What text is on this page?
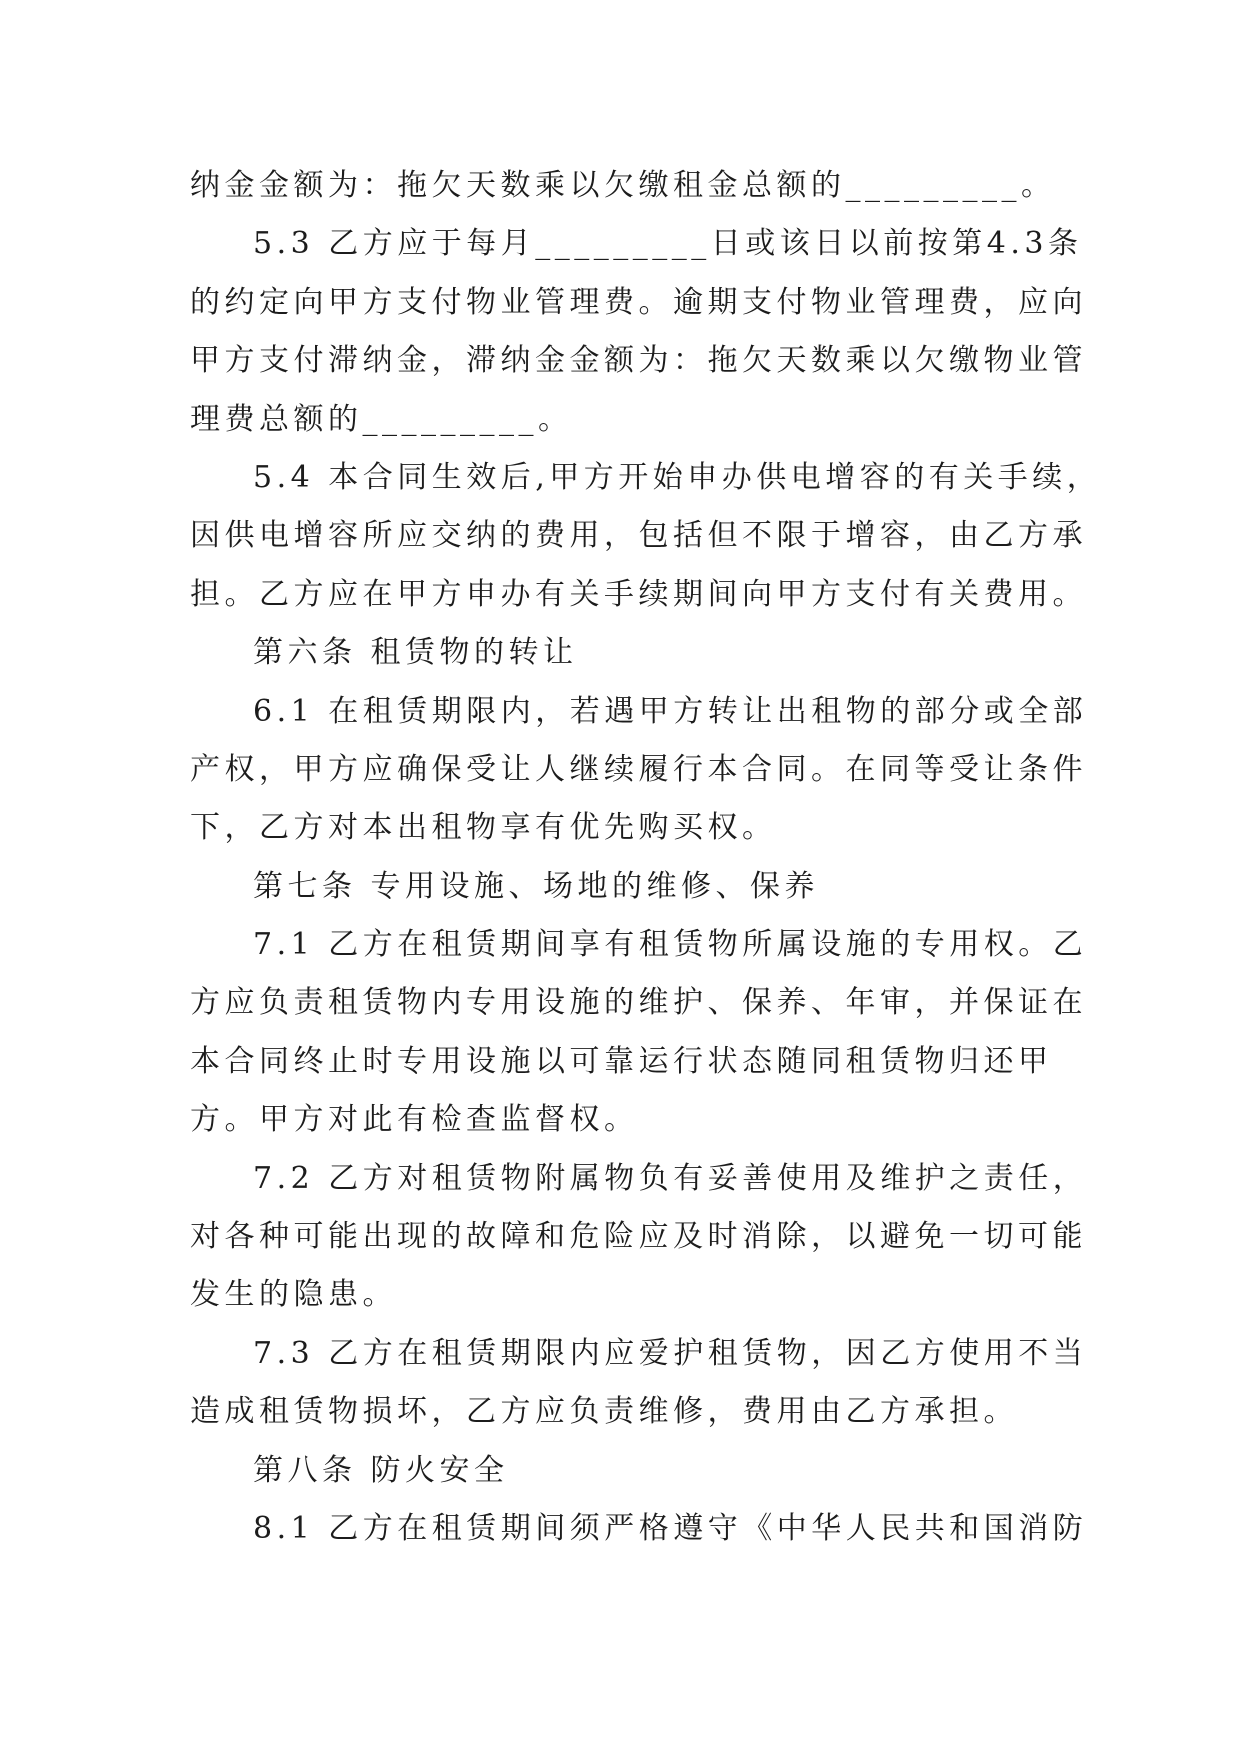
纳金金额为：拖欠天数乘以欠缴租金总额的_________。
5.3 乙方应于每月_________日或该日以前按第4.3条
的约定向甲方支付物业管理费。逾期支付物业管理费，应向
甲方支付滞纳金，滞纳金金额为：拖欠天数乘以欠缴物业管
理费总额的_________。
5.4 本合同生效后,甲方开始申办供电增容的有关手续，
因供电增容所应交纳的费用，包括但不限于增容，由乙方承
担。乙方应在甲方申办有关手续期间向甲方支付有关费用。
第六条 租赁物的转让
6.1 在租赁期限内，若遇甲方转让出租物的部分或全部
产权，甲方应确保受让人继续履行本合同。在同等受让条件
下，乙方对本出租物享有优先购买权。
第七条 专用设施、场地的维修、保养
7.1 乙方在租赁期间享有租赁物所属设施的专用权。乙
方应负责租赁物内专用设施的维护、保养、年审，并保证在
本合同终止时专用设施以可靠运行状态随同租赁物归还甲
方。甲方对此有检查监督权。
7.2 乙方对租赁物附属物负有妥善使用及维护之责任，
对各种可能出现的故障和危险应及时消除，以避免一切可能
发生的隐患。
7.3 乙方在租赁期限内应爱护租赁物，因乙方使用不当
造成租赁物损坏，乙方应负责维修，费用由乙方承担。
第八条 防火安全
8.1 乙方在租赁期间须严格遵守《中华人民共和国消防
